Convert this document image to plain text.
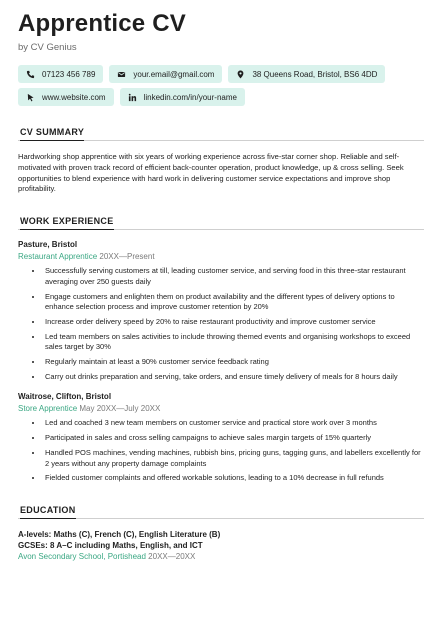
Apprentice CV
by CV Genius
07123 456 789	your.email@gmail.com	38 Queens Road, Bristol, BS6 4DD
www.website.com	linkedin.com/in/your-name
CV SUMMARY
Hardworking shop apprentice with six years of working experience across five-star corner shop. Reliable and self-motivated with proven track record of efficient back-counter operation, product knowledge, up & cross selling. Seek opportunities to blend experience with hard work in delivering customer service expectations and improve shop profitability.
WORK EXPERIENCE
Pasture, Bristol
Restaurant Apprentice 20XX—Present
• Successfully serving customers at till, leading customer service, and serving food in this three-star restaurant averaging over 250 guests daily
• Engage customers and enlighten them on product availability and the different types of delivery options to enhance selection process and improve customer retention by 20%
• Increase order delivery speed by 20% to raise restaurant productivity and improve customer service
• Led team members on sales activities to include throwing themed events and organising workshops to exceed sales target by 30%
• Regularly maintain at least a 90% customer service feedback rating
• Carry out drinks preparation and serving, take orders, and ensure timely delivery of meals for 8 hours daily
Waitrose, Clifton, Bristol
Store Apprentice May 20XX—July 20XX
• Led and coached 3 new team members on customer service and practical store work over 3 months
• Participated in sales and cross selling campaigns to achieve sales margin targets of 15% quarterly
• Handled POS machines, vending machines, rubbish bins, pricing guns, tagging guns, and labellers excellently for 2 years without any property damage complaints
• Fielded customer complaints and offered workable solutions, leading to a 10% decrease in full refunds
EDUCATION
A-levels: Maths (C), French (C), English Literature (B)
GCSEs: 8 A–C including Maths, English, and ICT
Avon Secondary School, Portishead 20XX—20XX
